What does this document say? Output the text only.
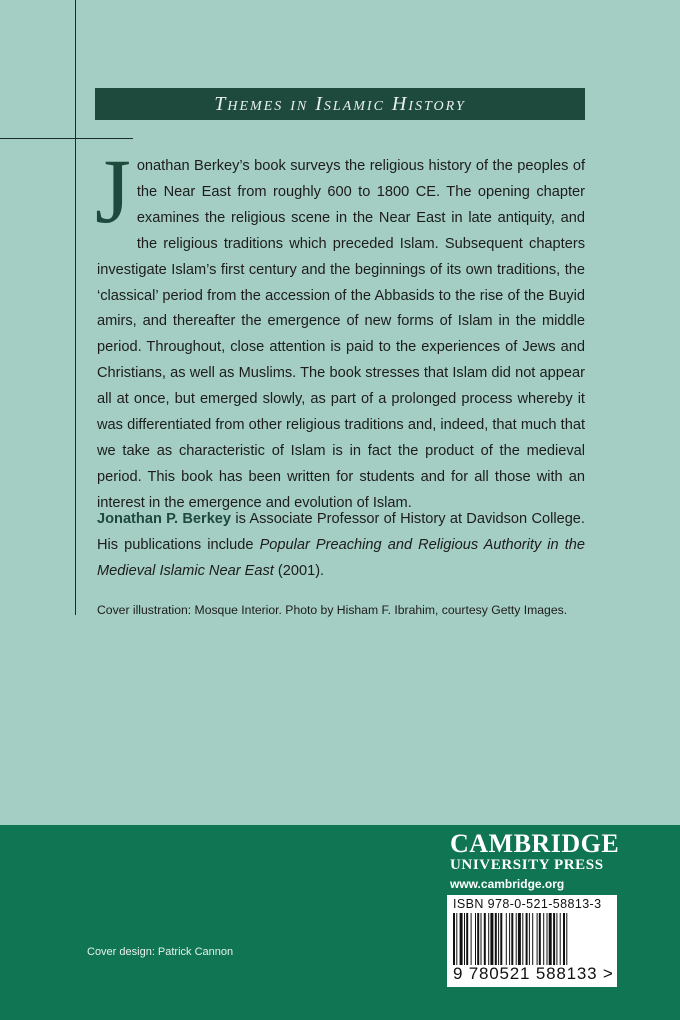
Themes in Islamic History

Jonathan Berkey’s book surveys the religious history of the peoples of the Near East from roughly 600 to 1800 CE. The opening chapter examines the religious scene in the Near East in late antiquity, and the religious traditions which preceded Islam. Subsequent chapters investigate Islam’s first century and the beginnings of its own traditions, the ‘classical’ period from the accession of the Abbasids to the rise of the Buyid amirs, and thereafter the emergence of new forms of Islam in the middle period. Throughout, close attention is paid to the experiences of Jews and Christians, as well as Muslims. The book stresses that Islam did not appear all at once, but emerged slowly, as part of a prolonged process whereby it was differentiated from other religious traditions and, indeed, that much that we take as characteristic of Islam is in fact the product of the medieval period. This book has been written for students and for all those with an interest in the emergence and evolution of Islam.

Jonathan P. Berkey is Associate Professor of History at Davidson College. His publications include Popular Preaching and Religious Authority in the Medieval Islamic Near East (2001).

Cover illustration: Mosque Interior. Photo by Hisham F. Ibrahim, courtesy Getty Images.

Cover design: Patrick Cannon
CAMBRIDGE
UNIVERSITY PRESS
www.cambridge.org
ISBN 978-0-521-58813-3
9 780521 588133 >
